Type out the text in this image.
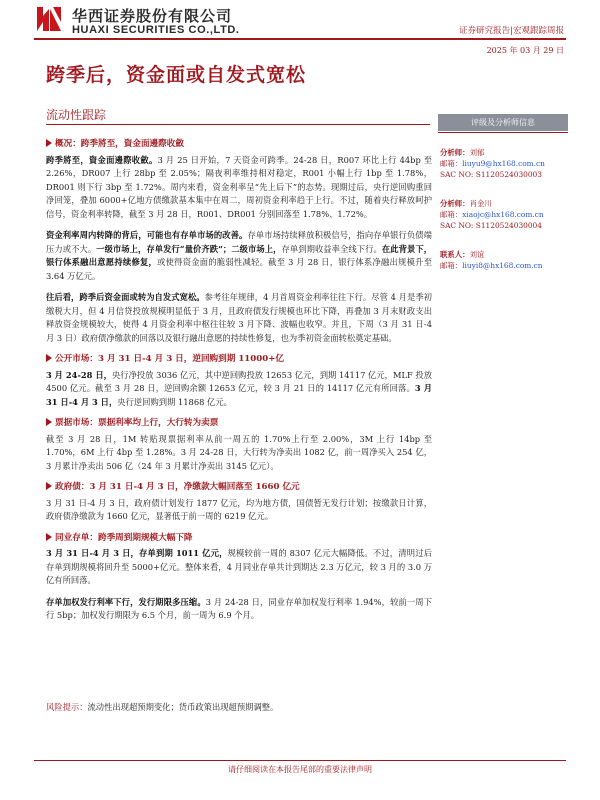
华西证券股份有限公司
HUAXI SECURITIES CO.,LTD.	证券研究报告|宏观跟踪周报
2025 年 03 月 29 日
跨季后，资金面或自发式宽松
流动性跟踪
概况：跨季將至，資金面邊際收斂

跨季將至，資金面邊際收斂。3 月 25 日开始，7 天资金可跨季。24-28 日，R007 环比上行 44bp 至 2.26%，DR007 上行 28bp 至 2.05%；隔夜利率维持相对稳定，R001 小幅上行 1bp 至 1.78%，DR001 则下行 3bp 至 1.72%。周内来看，资金利率呈“先上后下”的态势。现期过后，央行逆回购重回净回笼，叠加 6000+亿地方债缴款基本集中在周二，周初资金利率趋于上行。不过，随着央行释放呵护信号，资金利率转降，截至 3 月 28 日，R001、DR001 分别回落至 1.78%、1.72%。

资金利率周内转降的背后，可能也有存单市场的改善。存单市场持续释放积极信号，指向存单银行负债端压力或不大。一级市场上，存单发行“量价齐跌”；二级市场上，存单到期收益率全线下行。在此背景下，银行体系融出意愿持续修复，或使得资金面的脆弱性减轻。截至 3 月 28 日，银行体系净融出规模升至 3.64 万亿元。

往后看，跨季后资金面或转为自发式宽松。参考往年规律，4 月首周资金利率往往下行。尽管 4 月是季初缴税大月，但 4 月信贷投放规模明显低于 3 月，且政府债发行规模也环比下降，再叠加 3 月末财政支出释放资金规模较大，使得 4 月资金利率中枢往往较 3 月下降、波幅也收窄。并且，下周（3 月 31 日-4 月 3 日）政府债净缴款的回落以及银行融出意愿的持续性修复，也为季初资金面转松奠定基础。

公开市场：3 月 31 日-4 月 3 日，逆回购到期 11000+亿

3 月 24-28 日，央行净投放 3036 亿元，其中逆回购投放 12653 亿元，到期 14117 亿元，MLF 投放 4500 亿元。截至 3 月 28 日，逆回购余额 12653 亿元，较 3 月 21 日的 14117 亿元有所回落。3 月 31 日-4 月 3 日，央行逆回购到期 11868 亿元。

票据市场：票据利率均上行，大行转为卖票

截至 3 月 28 日，1M 转贴现票据利率从前一周五的 1.70%上行至 2.00%，3M 上行 14bp 至 1.70%，6M 上行 4bp 至 1.28%。3 月 24-28 日，大行转为净卖出 1082 亿，前一周净买入 254 亿，3 月累计净卖出 506 亿（24 年 3 月累计净卖出 3145 亿元）。

政府债：3 月 31 日-4 月 3 日，净缴款大幅回落至 1660 亿元

3 月 31 日-4 月 3 日，政府债计划发行 1877 亿元，均为地方债，国债暂无发行计划；按缴款日计算，政府债净缴款为 1660 亿元，显著低于前一周的 6219 亿元。

同业存单：跨季周到期规模大幅下降

3 月 31 日-4 月 3 日，存单到期 1011 亿元，规模较前一周的 8307 亿元大幅降低。不过，清明过后存单到期规模将回升至 5000+亿元。整体来看，4 月同业存单共计到期达 2.3 万亿元，较 3 月的 3.0 万亿有所回落。

存单加权发行利率下行，发行期限多压缩。3 月 24-28 日，同业存单加权发行利率 1.94%，较前一周下行 5bp；加权发行期限为 6.5 个月，前一周为 6.9 个月。

评级及分析师信息
分析师：刘郁
邮箱：liuyu9@hx168.com.cn
SAC NO: S1120524030003
分析师：肖金川
邮箱：xiaojc@hx168.com.cn
SAC NO: S1120524030004
联系人：刘谊
邮箱：liuyi8@hx168.com.cn
风险提示：流动性出现超预期变化；货币政策出现超预期调整。
请仔细阅读在本报告尾部的重要法律声明
